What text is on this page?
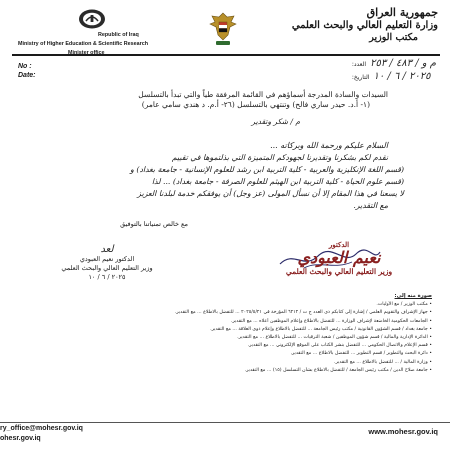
Republic of Iraq
Ministry of Higher Education & Scientific Research
Minister office
جمهورية العراق
وزارة التعليم العالي والبحث العلمي
مكتب الوزير
No :
Date:
العدد: م و / ٤٨٣ / ٢٥٣
التاريخ: ٢٠٢٥ / ٦ / ١٠
السيدات والسادة المدرجة أسماؤهم في القائمة المرفقة طياً والتي تبدأ بالتسلسل
(١- أ.د. حيدر ساري فالح) وتنتهي بالتسلسل (٢٦- أ.م. د هندي سامي عامر)
م / شكر وتقدير
السلام عليكم ورحمة الله وبركاته ...
نقدم لكم بشكرنا وتقديرنا لجهودكم المتميزة التي بذلتموها في تقييم
(قسم اللغة الإنكليزية والعربية - كلية التربية ابن رشد للعلوم الإنسانية - جامعة بغداد) و
(قسم علوم الحياة - كلية التربية ابن الهيثم للعلوم الصرفة - جامعة بغداد) ... لذا
لا يسعنا في هذا المقام إلا أن نسأل المولى (عز وجل) أن يوفقكم خدمة لبلدنا العزيز
مع التقدير.
مع خالص تمنياتنا بالتوفيق
لعد
الدكتور نعيم العبودي
وزير التعليم العالي والبحث العلمي
٢٠٢٥ / ٦ / ١٠
الدكتور
نعيم العبودي
وزير التعليم العالي والبحث العلمي
صورة منه إلى:
• مكتب الوزير / مع الأوليات.
• جهاز الإشراف والتقويم العلمي / إشارة إلى كتابكم ذي العدد ج ت / ٦٢١٢ المؤرخة في ٢٠٢٥/٥/٢١ ... للتفضل بالاطلاع ... مع التقدير.
• الجامعات الحكومية الخاضعة لإشراف الوزارة ... للتفضل بالاطلاع وإعلام الموظفين أعلاه ... مع التقدير.
• جامعة بغداد / قسم الشؤون القانونية / مكتب رئيس الجامعة ... للتفضل بالاطلاع وإعلام ذوي العلاقة ... مع التقدير.
• الدائرة الإدارية والمالية / قسم شؤون الموظفين / شعبة الترقيات ... للتفضل بالاطلاع ... مع التقدير.
• قسم الإعلام والاتصال الحكومي ... للتفضل بنشر الكتاب على الموقع الإلكتروني ... مع التقدير.
• دائرة البحث والتطوير / قسم التطوير ... للتفضل بالاطلاع ... مع التقدير.
• وزارة المالية / ... للتفضل بالاطلاع ... مع التقدير.
• جامعة صلاح الدين / مكتب رئيس الجامعة / للتفضل بالاطلاع بشأن التسلسل (١٥) ... مع التقدير.
ry_office@mohesr.gov.iq
ohesr.gov.iq
www.mohesr.gov.iq
